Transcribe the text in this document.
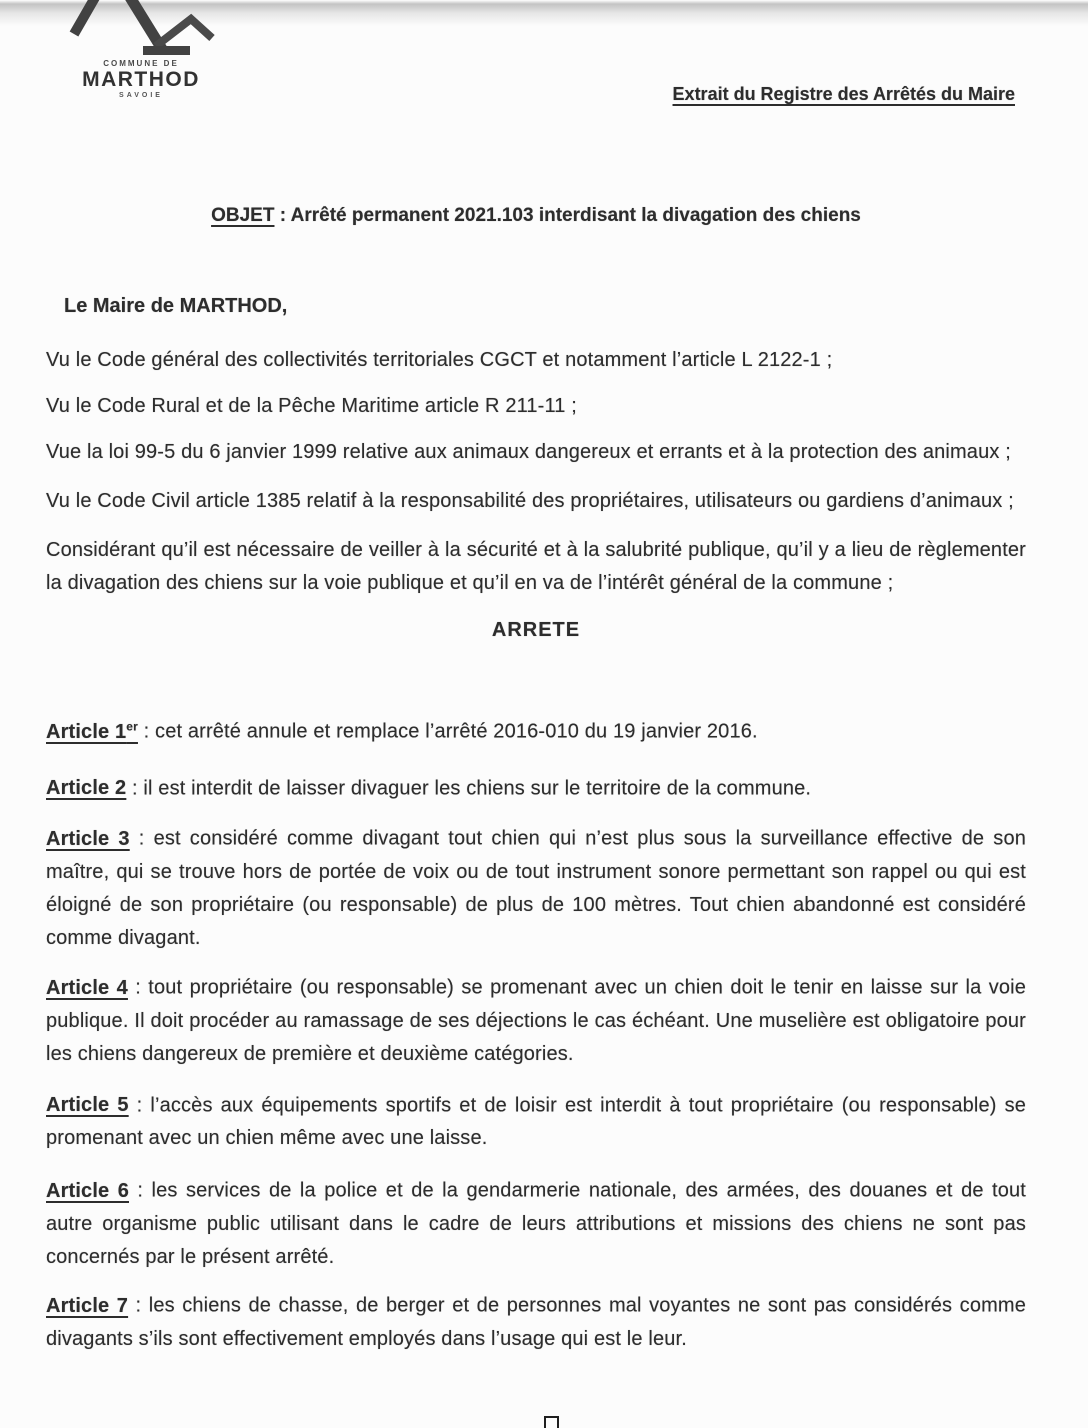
COMMUNE DE
MARTHOD
SAVOIE	Extrait du Registre des Arrêtés du Maire
OBJET : Arrêté permanent 2021.103 interdisant la divagation des chiens

Le Maire de MARTHOD,

Vu le Code général des collectivités territoriales CGCT et notamment l’article L 2122-1 ;

Vu le Code Rural et de la Pêche Maritime article R 211-11 ;

Vue la loi 99-5 du 6 janvier 1999 relative aux animaux dangereux et errants et à la protection des animaux ;

Vu le Code Civil article 1385 relatif à la responsabilité des propriétaires, utilisateurs ou gardiens d’animaux ;

Considérant qu’il est nécessaire de veiller à la sécurité et à la salubrité publique, qu’il y a lieu de règlementer la divagation des chiens sur la voie publique et qu’il en va de l’intérêt général de la commune ;

ARRETE

Article 1er : cet arrêté annule et remplace l’arrêté 2016-010 du 19 janvier 2016.

Article 2 : il est interdit de laisser divaguer les chiens sur le territoire de la commune.

Article 3 : est considéré comme divagant tout chien qui n’est plus sous la surveillance effective de son maître, qui se trouve hors de portée de voix ou de tout instrument sonore permettant son rappel ou qui est éloigné de son propriétaire (ou responsable) de plus de 100 mètres. Tout chien abandonné est considéré comme divagant.

Article 4 : tout propriétaire (ou responsable) se promenant avec un chien doit le tenir en laisse sur la voie publique. Il doit procéder au ramassage de ses déjections le cas échéant. Une muselière est obligatoire pour les chiens dangereux de première et deuxième catégories.

Article 5 : l’accès aux équipements sportifs et de loisir est interdit à tout propriétaire (ou responsable) se promenant avec un chien même avec une laisse.

Article 6 : les services de la police et de la gendarmerie nationale, des armées, des douanes et de tout autre organisme public utilisant dans le cadre de leurs attributions et missions des chiens ne sont pas concernés par le présent arrêté.

Article 7 : les chiens de chasse, de berger et de personnes mal voyantes ne sont pas considérés comme divagants s’ils sont effectivement employés dans l’usage qui est le leur.
